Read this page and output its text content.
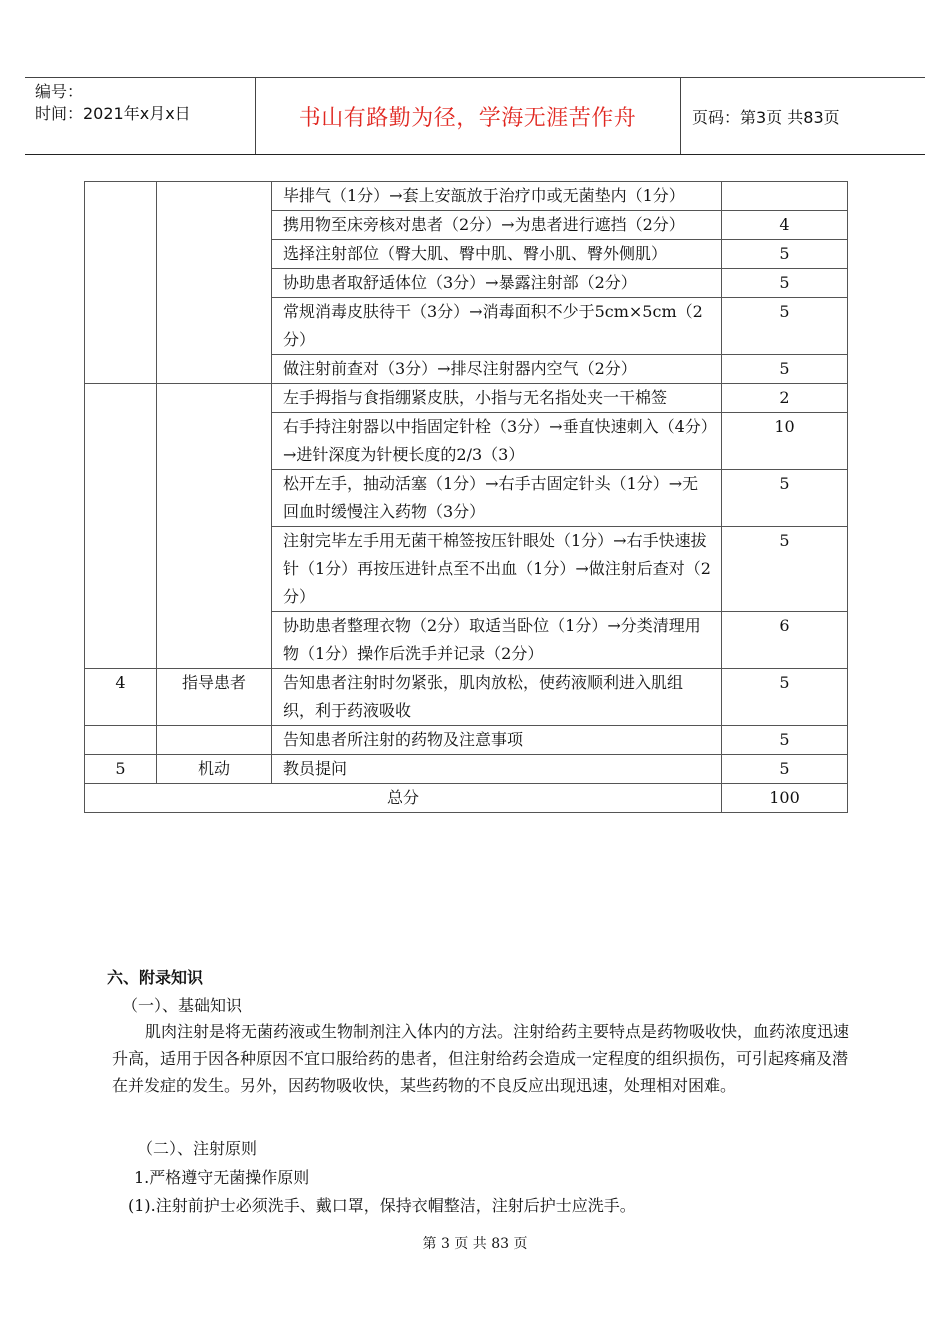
编号：
时间：2021年x月x日	书山有路勤为径，学海无涯苦作舟	页码：第3页 共83页
		毕排气（1分）→套上安瓿放于治疗巾或无菌垫内（1分）	
		携用物至床旁核对患者（2分）→为患者进行遮挡（2分）	4
		选择注射部位（臀大肌、臀中肌、臀小肌、臀外侧肌）	5
		协助患者取舒适体位（3分）→暴露注射部（2分）	5
		常规消毒皮肤待干（3分）→消毒面积不少于5cm×5cm（2分）	5
		做注射前查对（3分）→排尽注射器内空气（2分）	5
		左手拇指与食指绷紧皮肤，小指与无名指处夹一干棉签	2
		右手持注射器以中指固定针栓（3分）→垂直快速刺入（4分）→进针深度为针梗长度的2/3（3）	10
		松开左手，抽动活塞（1分）→右手古固定针头（1分）→无回血时缓慢注入药物（3分）	5
		注射完毕左手用无菌干棉签按压针眼处（1分）→右手快速拔针（1分）再按压进针点至不出血（1分）→做注射后查对（2分）	5
		协助患者整理衣物（2分）取适当卧位（1分）→分类清理用物（1分）操作后洗手并记录（2分）	6
4	指导患者	告知患者注射时勿紧张，肌肉放松，使药液顺利进入肌组织，利于药液吸收	5
		告知患者所注射的药物及注意事项	5
5	机动	教员提问	5
总分			100
六、附录知识
（一）、基础知识
肌肉注射是将无菌药液或生物制剂注入体内的方法。注射给药主要特点是药物吸收快，血药浓度迅速升高，适用于因各种原因不宜口服给药的患者，但注射给药会造成一定程度的组织损伤，可引起疼痛及潜在并发症的发生。另外，因药物吸收快，某些药物的不良反应出现迅速，处理相对困难。
（二）、注射原则
1.严格遵守无菌操作原则
(1).注射前护士必须洗手、戴口罩，保持衣帽整洁，注射后护士应洗手。
第 3 页 共 83 页
